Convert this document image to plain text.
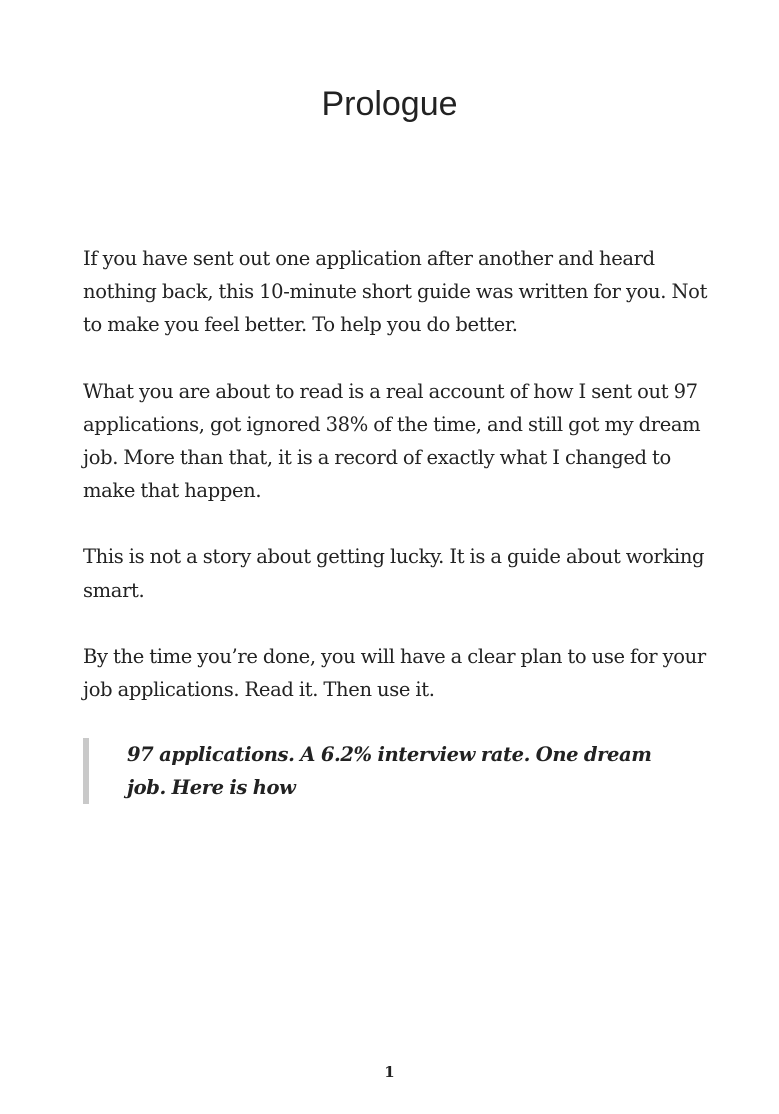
Prologue

If you have sent out one application after another and heard nothing back, this 10-minute short guide was written for you. Not to make you feel better. To help you do better.

What you are about to read is a real account of how I sent out 97 applications, got ignored 38% of the time, and still got my dream job. More than that, it is a record of exactly what I changed to make that happen.

This is not a story about getting lucky. It is a guide about working smart.

By the time you’re done, you will have a clear plan to use for your job applications. Read it. Then use it.

97 applications. A 6.2% interview rate. One dream job. Here is how

1
